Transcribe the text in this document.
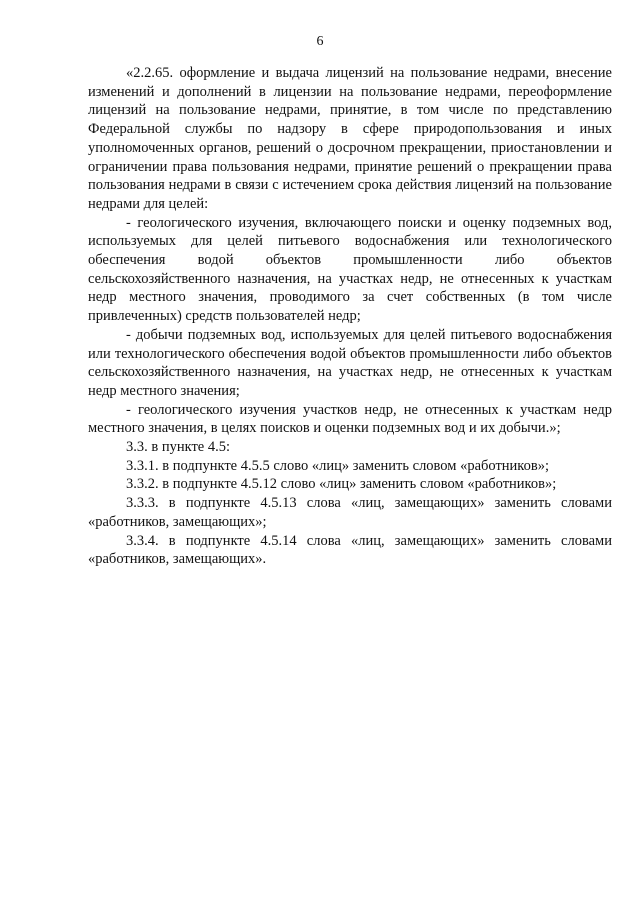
6

«2.2.65. оформление и выдача лицензий на пользование недрами, внесение изменений и дополнений в лицензии на пользование недрами, переоформление лицензий на пользование недрами, принятие, в том числе по представлению Федеральной службы по надзору в сфере природопользования и иных уполномоченных органов, решений о досрочном прекращении, приостановлении и ограничении права пользования недрами, принятие решений о прекращении права пользования недрами в связи с истечением срока действия лицензий на пользование недрами для целей:

- геологического изучения, включающего поиски и оценку подземных вод, используемых для целей питьевого водоснабжения или технологического обеспечения водой объектов промышленности либо объектов сельскохозяйственного назначения, на участках недр, не отнесенных к участкам недр местного значения, проводимого за счет собственных (в том числе привлеченных) средств пользователей недр;

- добычи подземных вод, используемых для целей питьевого водоснабжения или технологического обеспечения водой объектов промышленности либо объектов сельскохозяйственного назначения, на участках недр, не отнесенных к участкам недр местного значения;

- геологического изучения участков недр, не отнесенных к участкам недр местного значения, в целях поисков и оценки подземных вод и их добычи.»;

3.3. в пункте 4.5:

3.3.1. в подпункте 4.5.5 слово «лиц» заменить словом «работников»;

3.3.2. в подпункте 4.5.12 слово «лиц» заменить словом «работников»;

3.3.3. в подпункте 4.5.13 слова «лиц, замещающих» заменить словами «работников, замещающих»;

3.3.4. в подпункте 4.5.14 слова «лиц, замещающих» заменить словами «работников, замещающих».
